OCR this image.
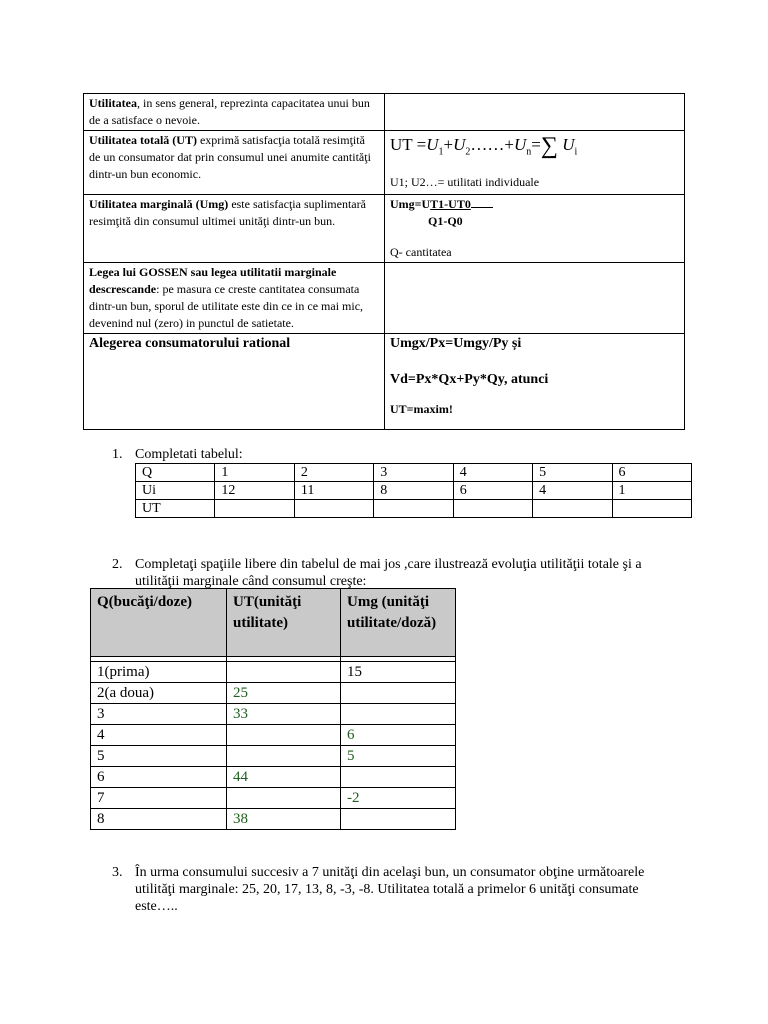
Utilitatea, in sens general, reprezinta capacitatea unui bun de a satisface o nevoie.	
Utilitatea totală (UT) exprimă satisfacţia totală resimţită de un consumator dat prin consumul unei anumite cantităţi dintr-un bun economic.	UT $=U_1+U_2\dots\dots+U_n=\sum$ $U_i$
U1; U2…= utilitati individuale

Utilitatea marginală (Umg) este satisfacţia suplimentară resimţită din consumul ultimei unităţi dintr-un bun.	Umg=UT1-UT0
Q1-Q0
Q- cantitatea

Legea lui GOSSEN sau legea utilitatii marginale descrescande: pe masura ce creste cantitatea consumata dintr-un bun, sporul de utilitate este din ce in ce mai mic, devenind nul (zero) in punctul de satietate.	
Alegerea consumatorului rational	Umgx/Px=Umgy/Py și
Vd=Px*Qx+Py*Qy, atunci
UT=maxim!
1. Completati tabelul:
Q	1	2	3	4	5	6
Ui	12	11	8	6	4	1
UT						
2. Completaţi spaţiile libere din tabelul de mai jos ,care ilustrează evoluţia utilităţii totale şi a
utilităţii marginale când consumul creşte:
Q(bucăţi/doze)	UT(unităţi utilitate)	Umg (unităţi utilitate/doză)

1(prima)		15
2(a doua)	25	
3	33	
4		6
5		5
6	44	
7		-2
8	38	
3. În urma consumului succesiv a 7 unităţi din acelaşi bun, un consumator obţine următoarele
utilităţi marginale: 25, 20, 17, 13, 8, -3, -8. Utilitatea totală a primelor 6 unităţi consumate
este…..
